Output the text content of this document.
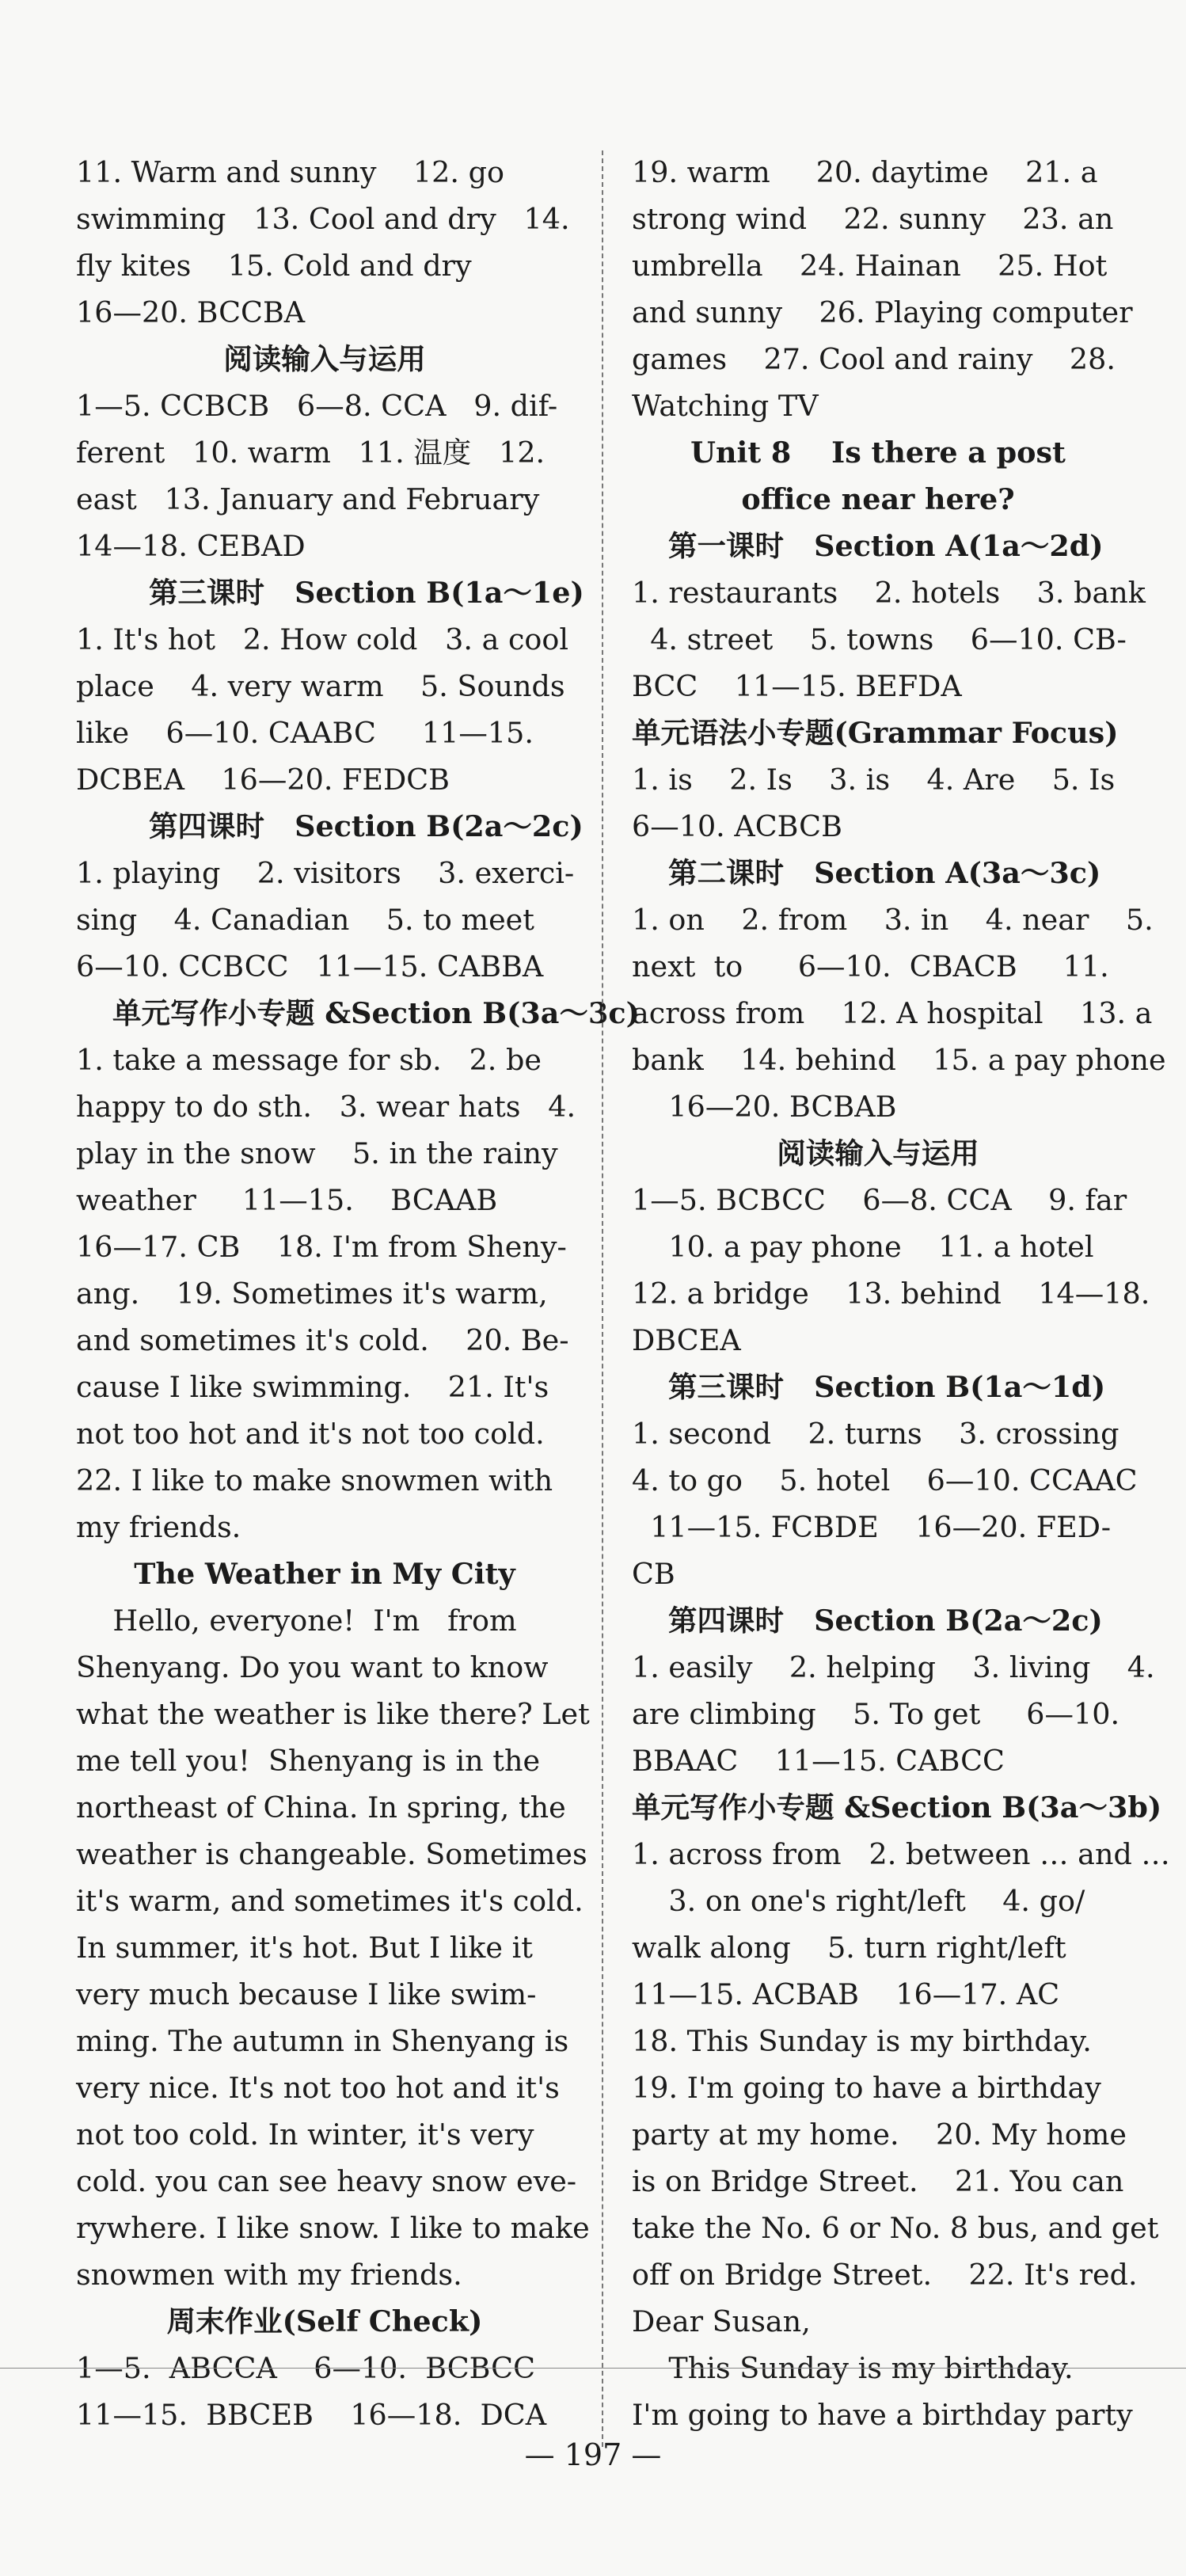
11. Warm and sunny    12. go
swimming   13. Cool and dry   14.
fly kites    15. Cold and dry
16—20. BCCBA
阅读输入与运用
1—5. CCBCB   6—8. CCA   9. dif-
ferent   10. warm   11. 温度   12.
east   13. January and February
14—18. CEBAD
第三课时   Section B(1a～1e)
1. It's hot   2. How cold   3. a cool
place    4. very warm    5. Sounds
like    6—10. CAABC     11—15.
DCBEA    16—20. FEDCB
第四课时   Section B(2a～2c)
1. playing    2. visitors    3. exerci-
sing    4. Canadian    5. to meet
6—10. CCBCC   11—15. CABBA
单元写作小专题 &Section B(3a～3c)
1. take a message for sb.   2. be
happy to do sth.   3. wear hats   4.
play in the snow    5. in the rainy
weather     11—15.    BCAAB
16—17. CB    18. I'm from Sheny-
ang.    19. Sometimes it's warm,
and sometimes it's cold.    20. Be-
cause I like swimming.    21. It's
not too hot and it's not too cold.
22. I like to make snowmen with
my friends.
The Weather in My City
Hello, everyone!  I'm   from
Shenyang. Do you want to know
what the weather is like there? Let
me tell you!  Shenyang is in the
northeast of China. In spring, the
weather is changeable. Sometimes
it's warm, and sometimes it's cold.
In summer, it's hot. But I like it
very much because I like swim-
ming. The autumn in Shenyang is
very nice. It's not too hot and it's
not too cold. In winter, it's very
cold. you can see heavy snow eve-
rywhere. I like snow. I like to make
snowmen with my friends.
周末作业(Self Check)
1—5.  ABCCA    6—10.  BCBCC
11—15.  BBCEB    16—18.  DCA
19. warm     20. daytime    21. a
strong wind    22. sunny    23. an
umbrella    24. Hainan    25. Hot
and sunny    26. Playing computer
games    27. Cool and rainy    28.
Watching TV
Unit 8    Is there a post
office near here?
第一课时   Section A(1a～2d)
1. restaurants    2. hotels    3. bank
4. street    5. towns    6—10. CB-
BCC    11—15. BEFDA
单元语法小专题(Grammar Focus)
1. is    2. Is    3. is    4. Are    5. Is
6—10. ACBCB
第二课时   Section A(3a～3c)
1. on    2. from    3. in    4. near    5.
next  to      6—10.  CBACB     11.
across from    12. A hospital    13. a
bank    14. behind    15. a pay phone
16—20. BCBAB
阅读输入与运用
1—5. BCBCC    6—8. CCA    9. far
10. a pay phone    11. a hotel
12. a bridge    13. behind    14—18.
DBCEA
第三课时   Section B(1a～1d)
1. second    2. turns    3. crossing
4. to go    5. hotel    6—10. CCAAC
11—15. FCBDE    16—20. FED-
CB
第四课时   Section B(2a～2c)
1. easily    2. helping    3. living    4.
are climbing    5. To get     6—10.
BBAAC    11—15. CABCC
单元写作小专题 &Section B(3a～3b)
1. across from   2. between … and …
3. on one's right/left    4. go/
walk along    5. turn right/left
11—15. ACBAB    16—17. AC
18. This Sunday is my birthday.
19. I'm going to have a birthday
party at my home.    20. My home
is on Bridge Street.    21. You can
take the No. 6 or No. 8 bus, and get
off on Bridge Street.    22. It's red.
Dear Susan,
This Sunday is my birthday.
I'm going to have a birthday party
— 197 —
